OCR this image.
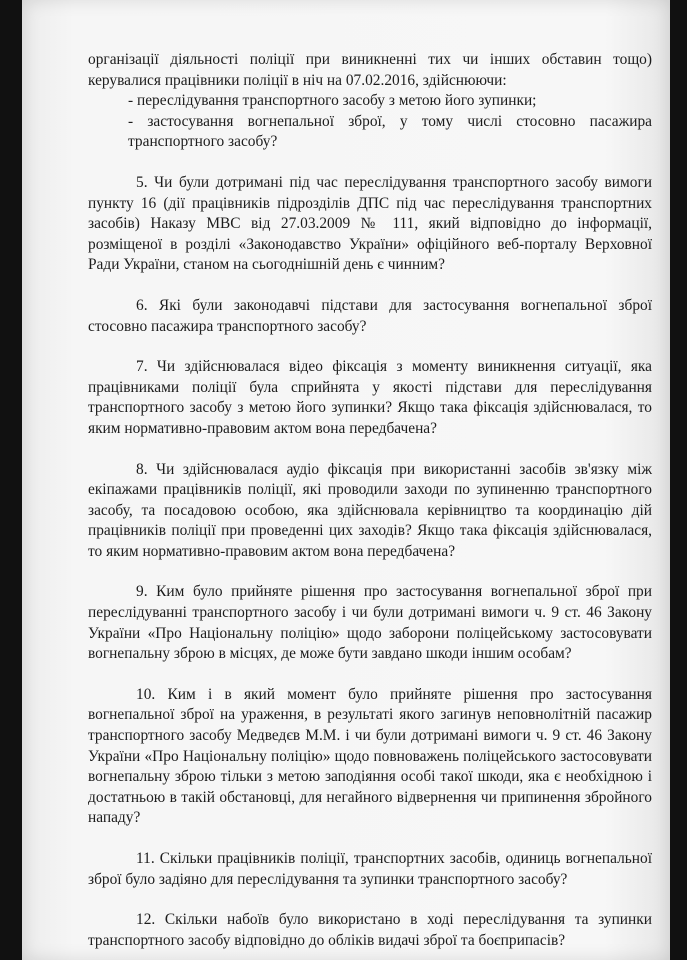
організації діяльності поліції при виникненні тих чи інших обставин тощо) керувалися працівники поліції в ніч на 07.02.2016, здійснюючи:

- переслідування транспортного засобу з метою його зупинки;

- застосування вогнепальної зброї, у тому числі стосовно пасажира транспортного засобу?

5. Чи були дотримані під час переслідування транспортного засобу вимоги пункту 16 (дії працівників підрозділів ДПС під час переслідування транспортних засобів) Наказу МВС від 27.03.2009 № 111, який відповідно до інформації, розміщеної в розділі «Законодавство України» офіційного веб-порталу Верховної Ради України, станом на сьогоднішній день є чинним?

6. Які були законодавчі підстави для застосування вогнепальної зброї стосовно пасажира транспортного засобу?

7. Чи здійснювалася відео фіксація з моменту виникнення ситуації, яка працівниками поліції була сприйнята у якості підстави для переслідування транспортного засобу з метою його зупинки? Якщо така фіксація здійснювалася, то яким нормативно-правовим актом вона передбачена?

8. Чи здійснювалася аудіо фіксація при використанні засобів зв'язку між екіпажами працівників поліції, які проводили заходи по зупиненню транспортного засобу, та посадовою особою, яка здійснювала керівництво та координацію дій працівників поліції при проведенні цих заходів? Якщо така фіксація здійснювалася, то яким нормативно-правовим актом вона передбачена?

9. Ким було прийняте рішення про застосування вогнепальної зброї при переслідуванні транспортного засобу і чи були дотримані вимоги ч. 9 ст. 46 Закону України «Про Національну поліцію» щодо заборони поліцейському застосовувати вогнепальну зброю в місцях, де може бути завдано шкоди іншим особам?

10. Ким і в який момент було прийняте рішення про застосування вогнепальної зброї на ураження, в результаті якого загинув неповнолітній пасажир транспортного засобу Медведєв М.М. і чи були дотримані вимоги ч. 9 ст. 46 Закону України «Про Національну поліцію» щодо повноважень поліцейського застосовувати вогнепальну зброю тільки з метою заподіяння особі такої шкоди, яка є необхідною і достатньою в такій обстановці, для негайного відвернення чи припинення збройного нападу?

11. Скільки працівників поліції, транспортних засобів, одиниць вогнепальної зброї було задіяно для переслідування та зупинки транспортного засобу?

12. Скільки набоїв було використано в ході переслідування та зупинки транспортного засобу відповідно до обліків видачі зброї та боєприпасів?
